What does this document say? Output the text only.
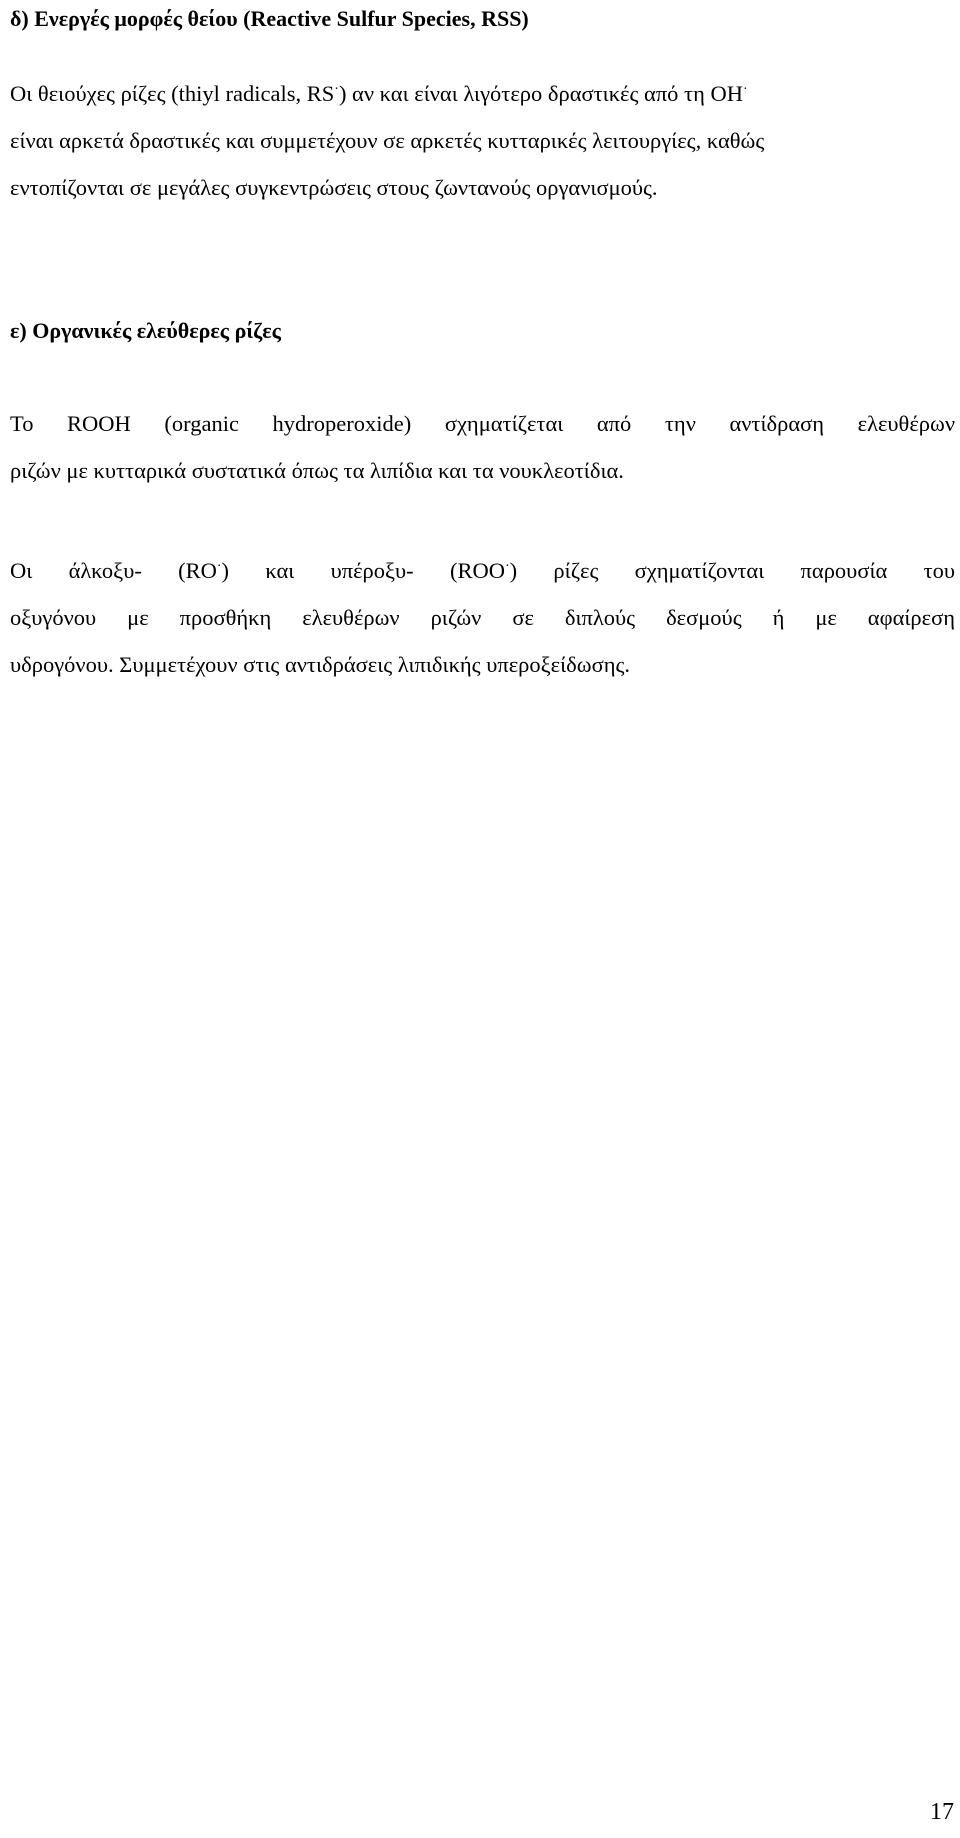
δ) Ενεργές μορφές θείου (Reactive Sulfur Species, RSS)

Οι θειούχες ρίζες (thiyl radicals, RS·) αν και είναι λιγότερο δραστικές από τη OH·
είναι αρκετά δραστικές και συμμετέχουν σε αρκετές κυτταρικές λειτουργίες, καθώς
εντοπίζονται σε μεγάλες συγκεντρώσεις στους ζωντανούς οργανισμούς.

ε) Οργανικές ελεύθερες ρίζες

Το ROOH (organic hydroperoxide) σχηματίζεται από την αντίδραση ελευθέρων
ριζών με κυτταρικά συστατικά όπως τα λιπίδια και τα νουκλεοτίδια.

Οι άλκοξυ- (RO·) και υπέροξυ- (ROO·) ρίζες σχηματίζονται παρουσία του
οξυγόνου με προσθήκη ελευθέρων ριζών σε διπλούς δεσμούς ή με αφαίρεση
υδρογόνου. Συμμετέχουν στις αντιδράσεις λιπιδικής υπεροξείδωσης.

17
